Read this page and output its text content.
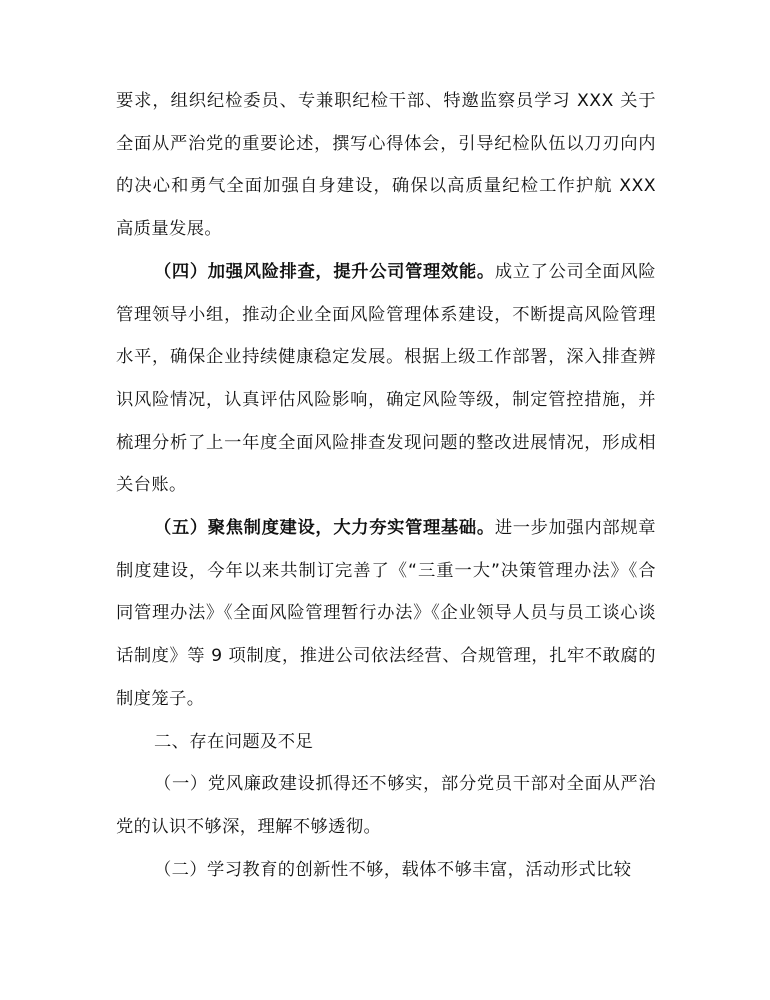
要求，组织纪检委员、专兼职纪检干部、特邀监察员学习 XXX 关于全面从严治党的重要论述，撰写心得体会，引导纪检队伍以刀刃向内的决心和勇气全面加强自身建设，确保以高质量纪检工作护航 XXX 高质量发展。

（四）加强风险排查，提升公司管理效能。成立了公司全面风险管理领导小组，推动企业全面风险管理体系建设，不断提高风险管理水平，确保企业持续健康稳定发展。根据上级工作部署，深入排查辨识风险情况，认真评估风险影响，确定风险等级，制定管控措施，并梳理分析了上一年度全面风险排查发现问题的整改进展情况，形成相关台账。

（五）聚焦制度建设，大力夯实管理基础。进一步加强内部规章制度建设，今年以来共制订完善了《“三重一大”决策管理办法》《合同管理办法》《全面风险管理暂行办法》《企业领导人员与员工谈心谈话制度》等 9 项制度，推进公司依法经营、合规管理，扎牢不敢腐的制度笼子。

二、存在问题及不足

（一）党风廉政建设抓得还不够实，部分党员干部对全面从严治党的认识不够深，理解不够透彻。

（二）学习教育的创新性不够，载体不够丰富，活动形式比较
